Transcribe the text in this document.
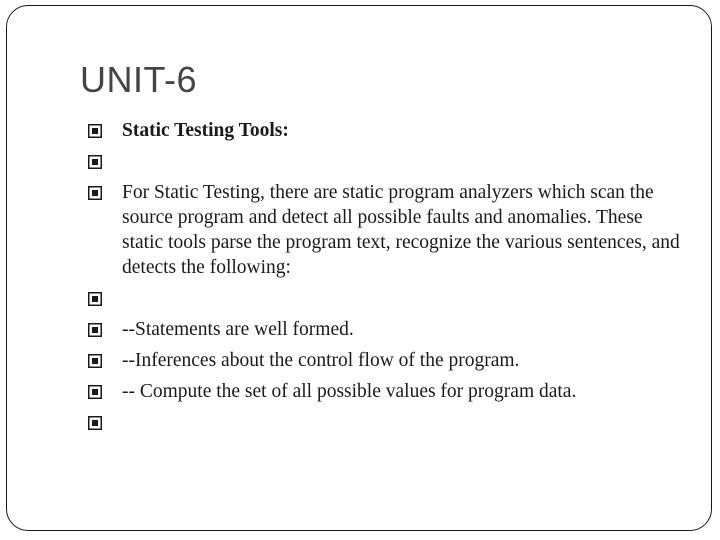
UNIT-6
Static Testing Tools:
For Static Testing, there are static program analyzers which scan the source program and detect all possible faults and anomalies. These static tools parse the program text, recognize the various sentences, and detects the following:
--Statements are well formed.
--Inferences about the control flow of the program.
-- Compute the set of all possible values for program data.
